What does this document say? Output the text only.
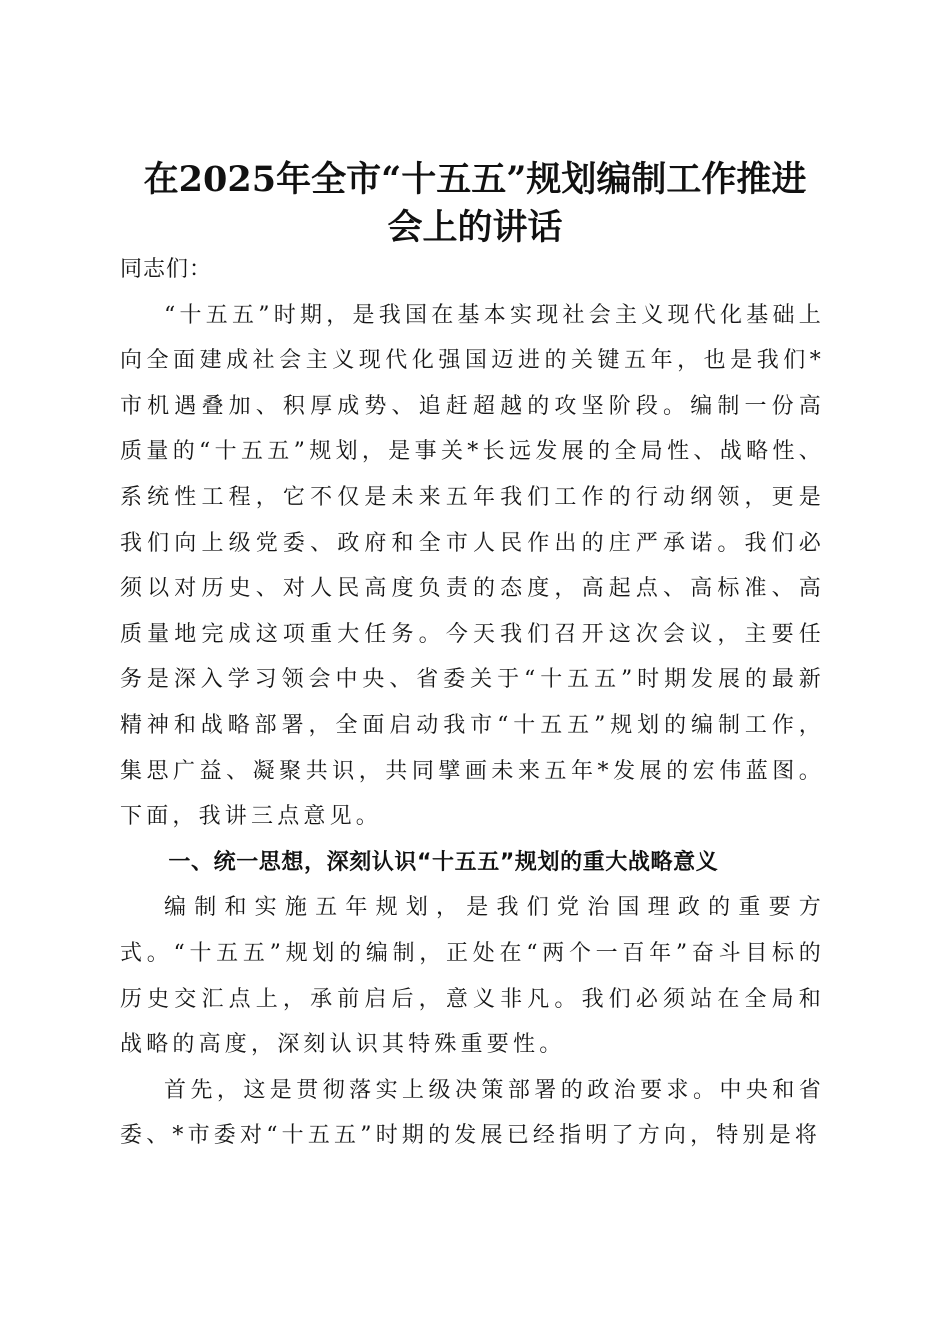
在2025年全市“十五五”规划编制工作推进
会上的讲话

同志们：

“十五五”时期，是我国在基本实现社会主义现代化基础上向全面建成社会主义现代化强国迈进的关键五年，也是我们*市机遇叠加、积厚成势、追赶超越的攻坚阶段。编制一份高质量的“十五五”规划，是事关*长远发展的全局性、战略性、系统性工程，它不仅是未来五年我们工作的行动纲领，更是我们向上级党委、政府和全市人民作出的庄严承诺。我们必须以对历史、对人民高度负责的态度，高起点、高标准、高质量地完成这项重大任务。今天我们召开这次会议，主要任务是深入学习领会中央、省委关于“十五五”时期发展的最新精神和战略部署，全面启动我市“十五五”规划的编制工作，集思广益、凝聚共识，共同擘画未来五年*发展的宏伟蓝图。下面，我讲三点意见。

一、统一思想，深刻认识“十五五”规划的重大战略意义

编制和实施五年规划，是我们党治国理政的重要方式。“十五五”规划的编制，正处在“两个一百年”奋斗目标的历史交汇点上，承前启后，意义非凡。我们必须站在全局和战略的高度，深刻认识其特殊重要性。

首先，这是贯彻落实上级决策部署的政治要求。中央和省委、*市委对“十五五”时期的发展已经指明了方向，特别是将
